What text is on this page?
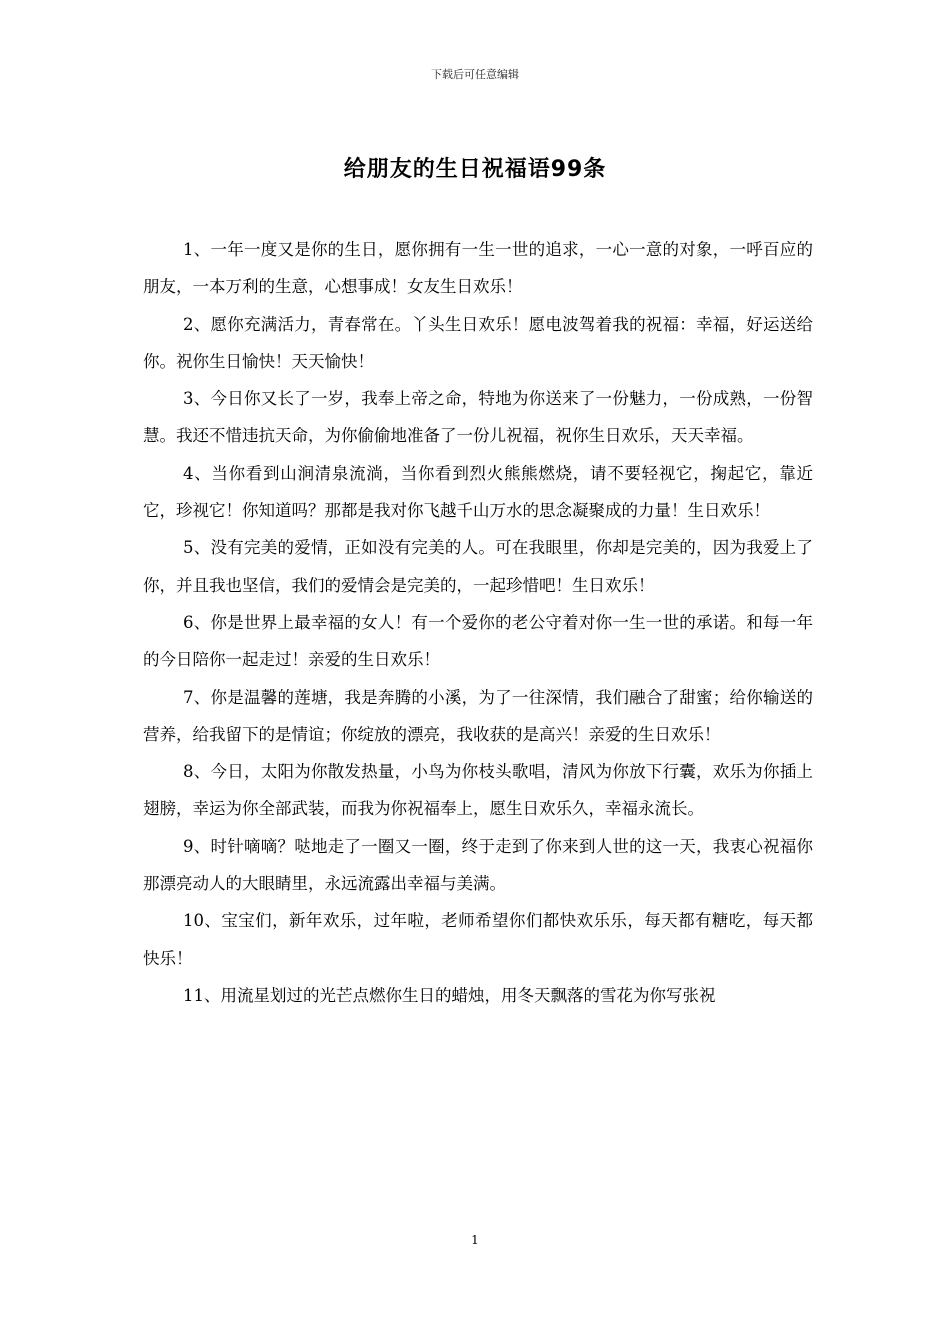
下载后可任意编辑
给朋友的生日祝福语99条

1、一年一度又是你的生日，愿你拥有一生一世的追求，一心一意的对象，一呼百应的朋友，一本万利的生意，心想事成！女友生日欢乐！

2、愿你充满活力，青春常在。丫头生日欢乐！愿电波驾着我的祝福：幸福，好运送给你。祝你生日愉快！天天愉快！

3、今日你又长了一岁，我奉上帝之命，特地为你送来了一份魅力，一份成熟，一份智慧。我还不惜违抗天命，为你偷偷地准备了一份儿祝福，祝你生日欢乐，天天幸福。

4、当你看到山涧清泉流淌，当你看到烈火熊熊燃烧，请不要轻视它，掬起它，靠近它，珍视它！你知道吗？那都是我对你飞越千山万水的思念凝聚成的力量！生日欢乐！

5、没有完美的爱情，正如没有完美的人。可在我眼里，你却是完美的，因为我爱上了你，并且我也坚信，我们的爱情会是完美的，一起珍惜吧！生日欢乐！

6、你是世界上最幸福的女人！有一个爱你的老公守着对你一生一世的承诺。和每一年的今日陪你一起走过！亲爱的生日欢乐！

7、你是温馨的莲塘，我是奔腾的小溪，为了一往深情，我们融合了甜蜜；给你输送的营养，给我留下的是情谊；你绽放的漂亮，我收获的是高兴！亲爱的生日欢乐！

8、今日，太阳为你散发热量，小鸟为你枝头歌唱，清风为你放下行囊，欢乐为你插上翅膀，幸运为你全部武装，而我为你祝福奉上，愿生日欢乐久，幸福永流长。

9、时针嘀嘀？哒地走了一圈又一圈，终于走到了你来到人世的这一天，我衷心祝福你那漂亮动人的大眼睛里，永远流露出幸福与美满。

10、宝宝们，新年欢乐，过年啦，老师希望你们都快欢乐乐，每天都有糖吃，每天都快乐！

11、用流星划过的光芒点燃你生日的蜡烛，用冬天飘落的雪花为你写张祝

1
